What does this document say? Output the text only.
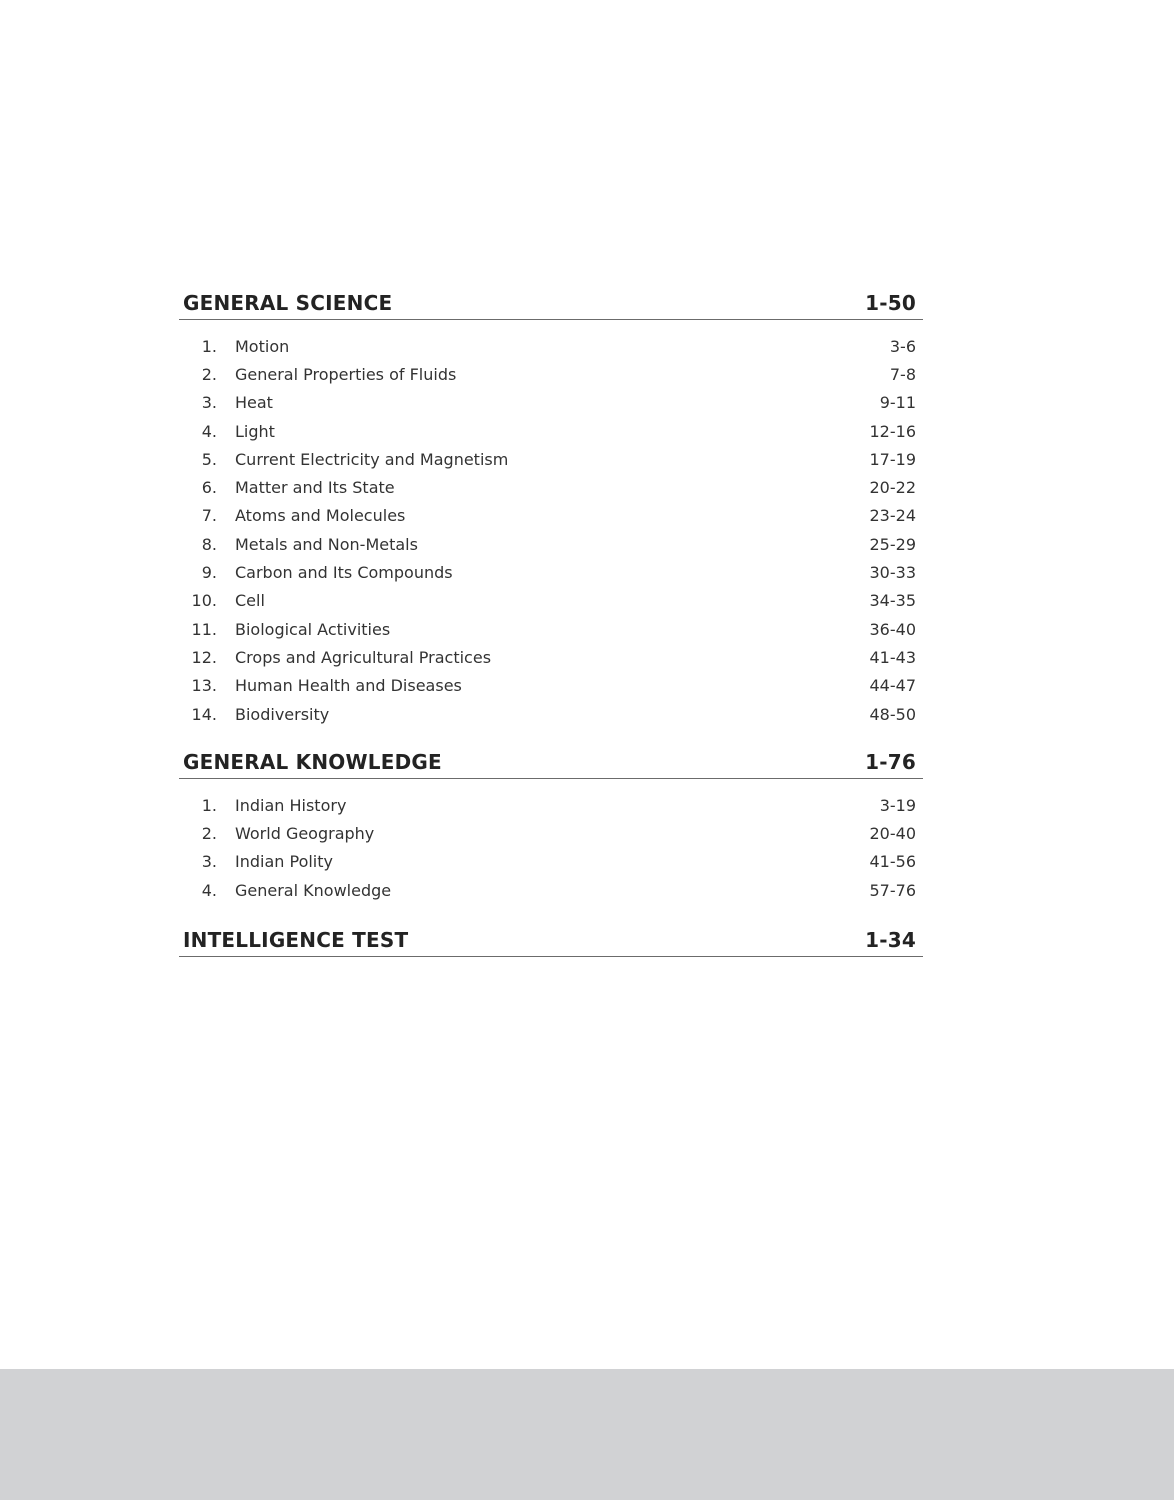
GENERAL SCIENCE	1-50
1. Motion	3-6
2. General Properties of Fluids	7-8
3. Heat	9-11
4. Light	12-16
5. Current Electricity and Magnetism	17-19
6. Matter and Its State	20-22
7. Atoms and Molecules	23-24
8. Metals and Non-Metals	25-29
9. Carbon and Its Compounds	30-33
10. Cell	34-35
11. Biological Activities	36-40
12. Crops and Agricultural Practices	41-43
13. Human Health and Diseases	44-47
14. Biodiversity	48-50
GENERAL KNOWLEDGE	1-76
1. Indian History	3-19
2. World Geography	20-40
3. Indian Polity	41-56
4. General Knowledge	57-76
INTELLIGENCE TEST	1-34
